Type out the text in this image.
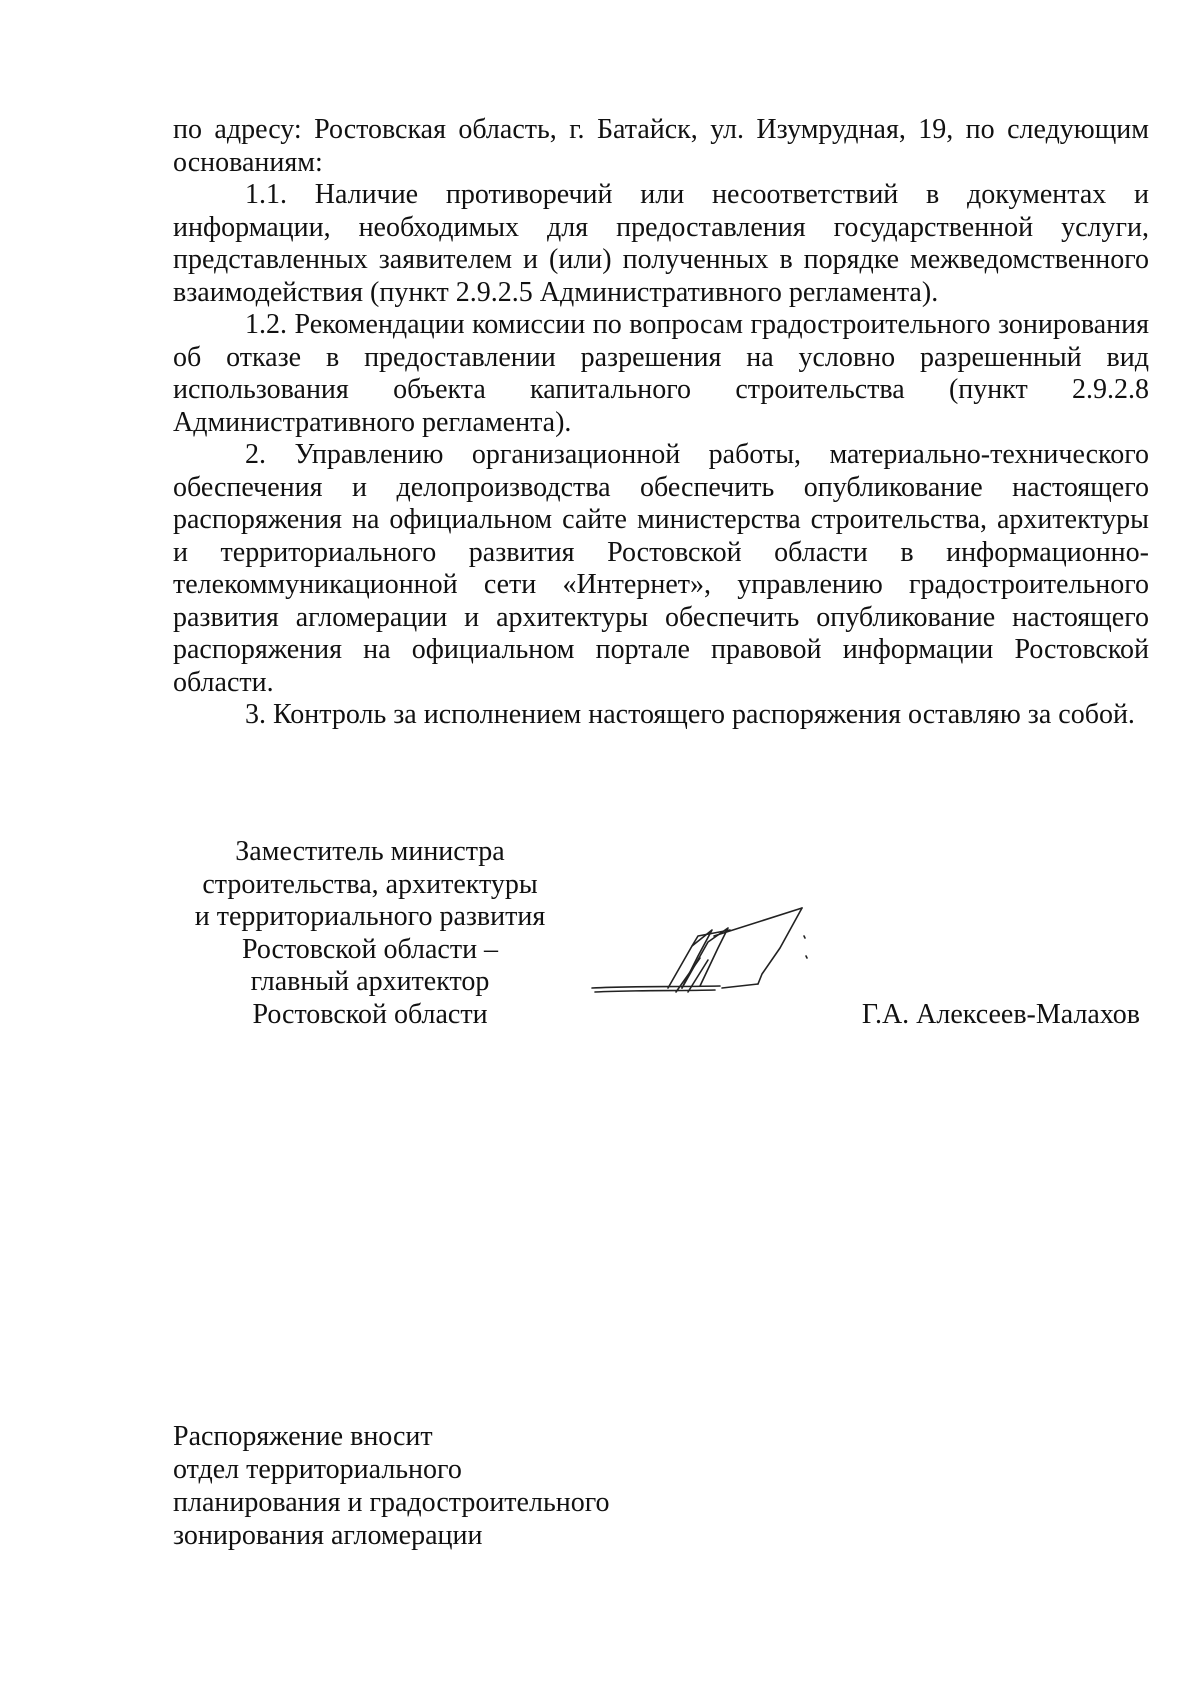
по адресу: Ростовская область, г. Батайск, ул. Изумрудная, 19, по следующим основаниям:

1.1. Наличие противоречий или несоответствий в документах и информации, необходимых для предоставления государственной услуги, представленных заявителем и (или) полученных в порядке межведомственного взаимодействия (пункт 2.9.2.5 Административного регламента).

1.2. Рекомендации комиссии по вопросам градостроительного зонирования об отказе в предоставлении разрешения на условно разрешенный вид использования объекта капитального строительства (пункт 2.9.2.8 Административного регламента).

2. Управлению организационной работы, материально-технического обеспечения и делопроизводства обеспечить опубликование настоящего распоряжения на официальном сайте министерства строительства, архитектуры и территориального развития Ростовской области в информационно-телекоммуникационной сети «Интернет», управлению градостроительного развития агломерации и архитектуры обеспечить опубликование настоящего распоряжения на официальном портале правовой информации Ростовской области.

3. Контроль за исполнением настоящего распоряжения оставляю за собой.

Заместитель министра
строительства, архитектуры
и территориального развития
Ростовской области –
главный архитектор
Ростовской области	Г.А. Алексеев-Малахов
Распоряжение вносит
отдел территориального
планирования и градостроительного
зонирования агломерации
